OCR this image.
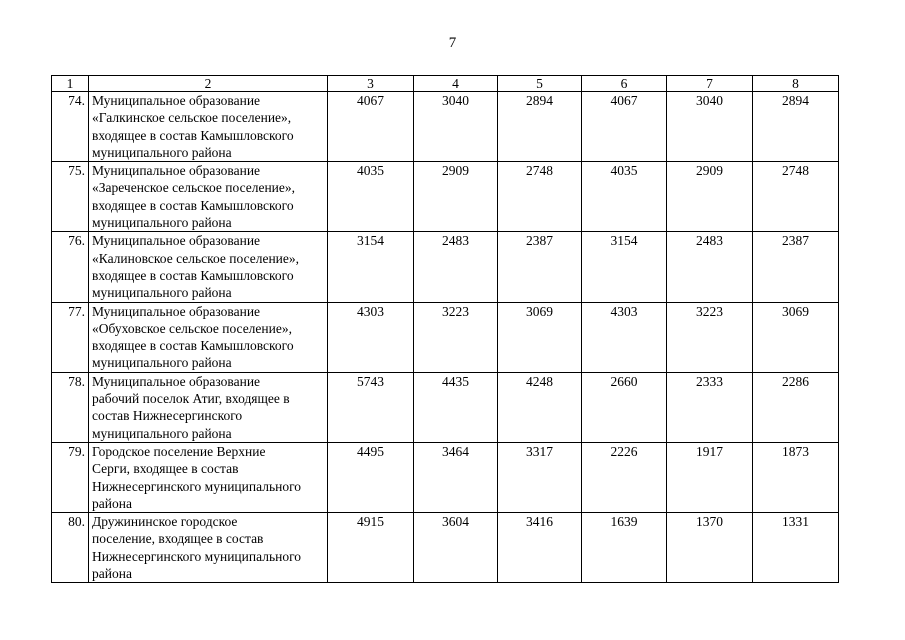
7
1	2	3	4	5	6	7	8
74.	Муниципальное образование
«Галкинское сельское поселение»,
входящее в состав Камышловского
муниципального района	4067	3040	2894	4067	3040	2894
75.	Муниципальное образование
«Зареченское сельское поселение»,
входящее в состав Камышловского
муниципального района	4035	2909	2748	4035	2909	2748
76.	Муниципальное образование
«Калиновское сельское поселение»,
входящее в состав Камышловского
муниципального района	3154	2483	2387	3154	2483	2387
77.	Муниципальное образование
«Обуховское сельское поселение»,
входящее в состав Камышловского
муниципального района	4303	3223	3069	4303	3223	3069
78.	Муниципальное образование
рабочий поселок Атиг, входящее в
состав Нижнесергинского
муниципального района	5743	4435	4248	2660	2333	2286
79.	Городское поселение Верхние
Серги, входящее в состав
Нижнесергинского муниципального
района	4495	3464	3317	2226	1917	1873
80.	Дружининское городское
поселение, входящее в состав
Нижнесергинского муниципального
района	4915	3604	3416	1639	1370	1331
